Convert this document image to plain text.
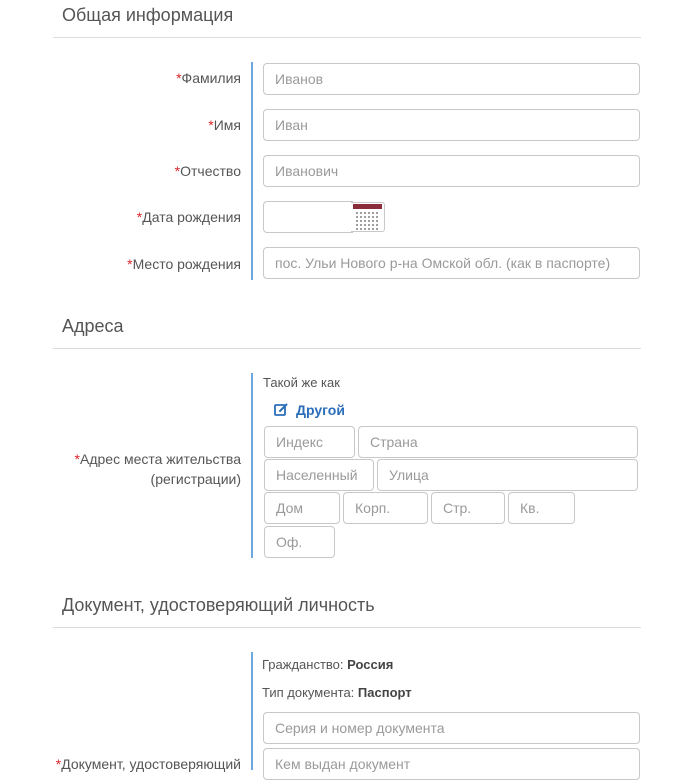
Общая информация
*Фамилия
Иванов
*Имя
Иван
*Отчество
Иванович
*Дата рождения
*Место рождения
пос. Ульи Нового р-на Омской обл. (как в паспорте)
Адреса
*Адрес места жительства
(регистрации)
Такой же как
Другой
Индекс
Страна
Населенный пункт
Улица
Дом
Корп.
Стр.
Кв.
Оф.
Документ, удостоверяющий личность
Гражданство: Россия
Тип документа: Паспорт
Серия и номер документа
Кем выдан документ
*Документ, удостоверяющий
